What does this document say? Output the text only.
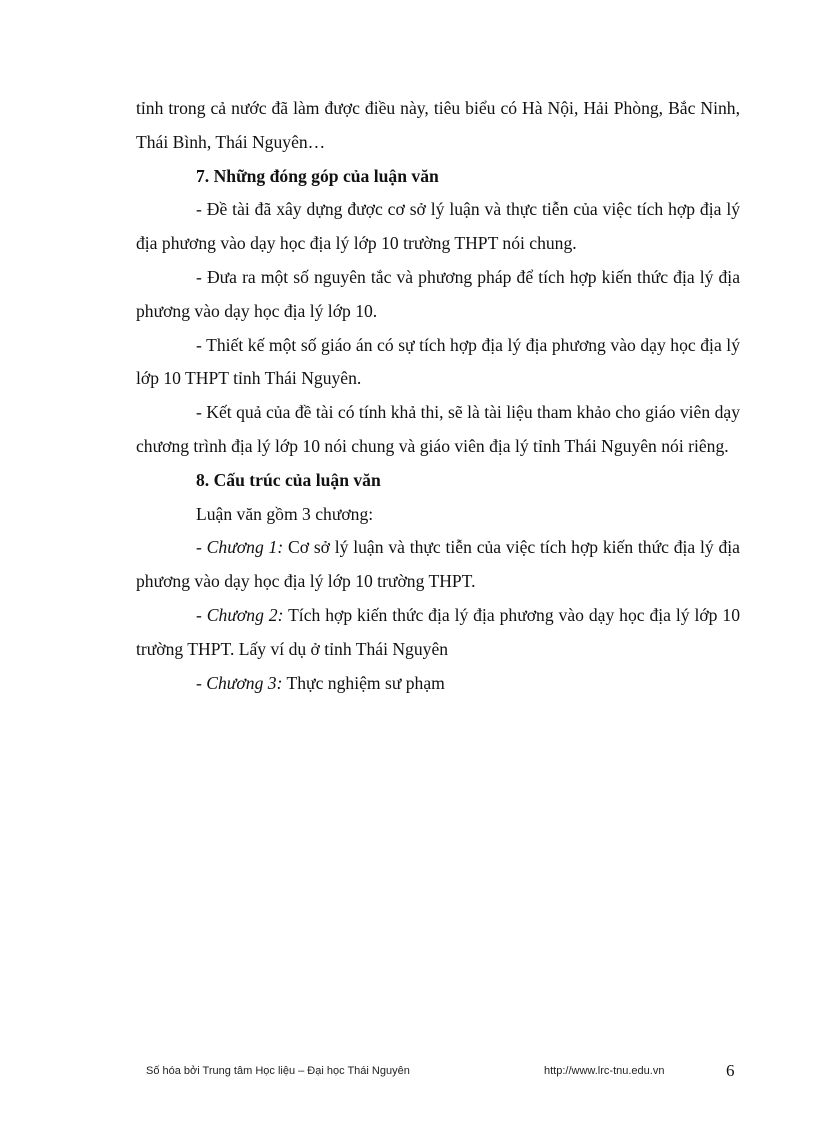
tỉnh trong cả nước đã làm được điều này, tiêu biểu có Hà Nội, Hải Phòng, Bắc Ninh, Thái Bình, Thái Nguyên…

7. Những đóng góp của luận văn

- Đề tài đã xây dựng được cơ sở lý luận và thực tiễn của việc tích hợp địa lý địa phương vào dạy học địa lý lớp 10 trường THPT nói chung.

- Đưa ra một số nguyên tắc và phương pháp để tích hợp kiến thức địa lý địa phương vào dạy học địa lý lớp 10.

- Thiết kế một số giáo án có sự tích hợp địa lý địa phương vào dạy học địa lý lớp 10 THPT tỉnh Thái Nguyên.

- Kết quả của đề tài có tính khả thi, sẽ là tài liệu tham khảo cho giáo viên dạy chương trình địa lý lớp 10 nói chung và giáo viên địa lý tỉnh Thái Nguyên nói riêng.

8. Cấu trúc của luận văn

Luận văn gồm 3 chương:

- Chương 1: Cơ sở lý luận và thực tiễn của việc tích hợp kiến thức địa lý địa phương vào dạy học địa lý lớp 10 trường THPT.

- Chương 2: Tích hợp kiến thức địa lý địa phương vào dạy học địa lý lớp 10 trường THPT. Lấy ví dụ ở tỉnh Thái Nguyên

- Chương 3: Thực nghiệm sư phạm

Số hóa bởi Trung tâm Học liệu – Đại học Thái Nguyên	http://www.lrc-tnu.edu.vn	6
